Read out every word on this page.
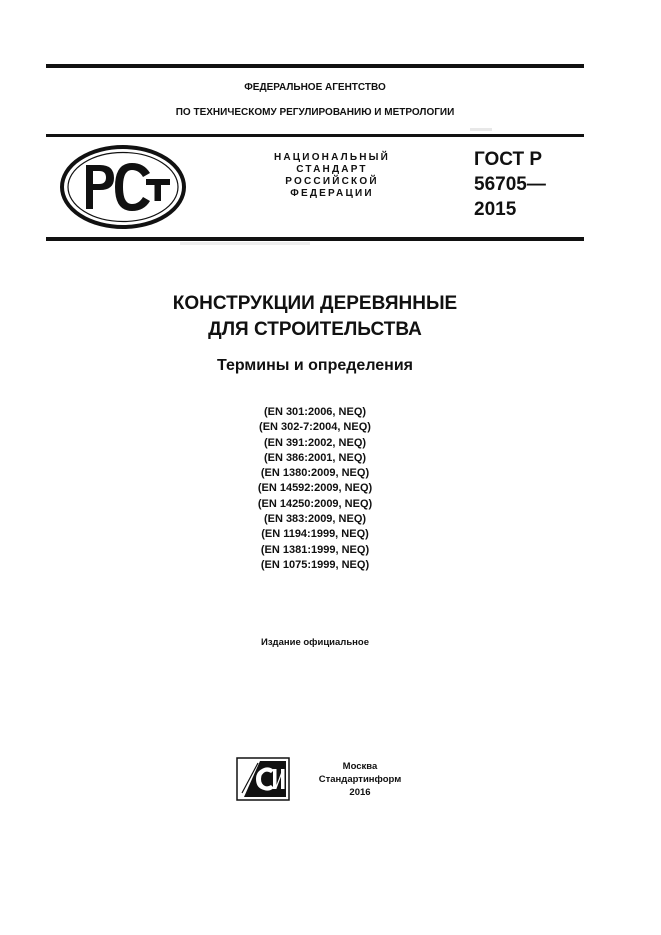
ФЕДЕРАЛЬНОЕ АГЕНТСТВО
ПО ТЕХНИЧЕСКОМУ РЕГУЛИРОВАНИЮ И МЕТРОЛОГИИ
НАЦИОНАЛЬНЫЙ
СТАНДАРТ
РОССИЙСКОЙ
ФЕДЕРАЦИИ
ГОСТ Р
56705—
2015
КОНСТРУКЦИИ ДЕРЕВЯННЫЕ
ДЛЯ СТРОИТЕЛЬСТВА
Термины и определения
(EN 301:2006, NEQ)
(EN 302-7:2004, NEQ)
(EN 391:2002, NEQ)
(EN 386:2001, NEQ)
(EN 1380:2009, NEQ)
(EN 14592:2009, NEQ)
(EN 14250:2009, NEQ)
(EN 383:2009, NEQ)
(EN 1194:1999, NEQ)
(EN 1381:1999, NEQ)
(EN 1075:1999, NEQ)
Издание официальное
Москва
Стандартинформ
2016
